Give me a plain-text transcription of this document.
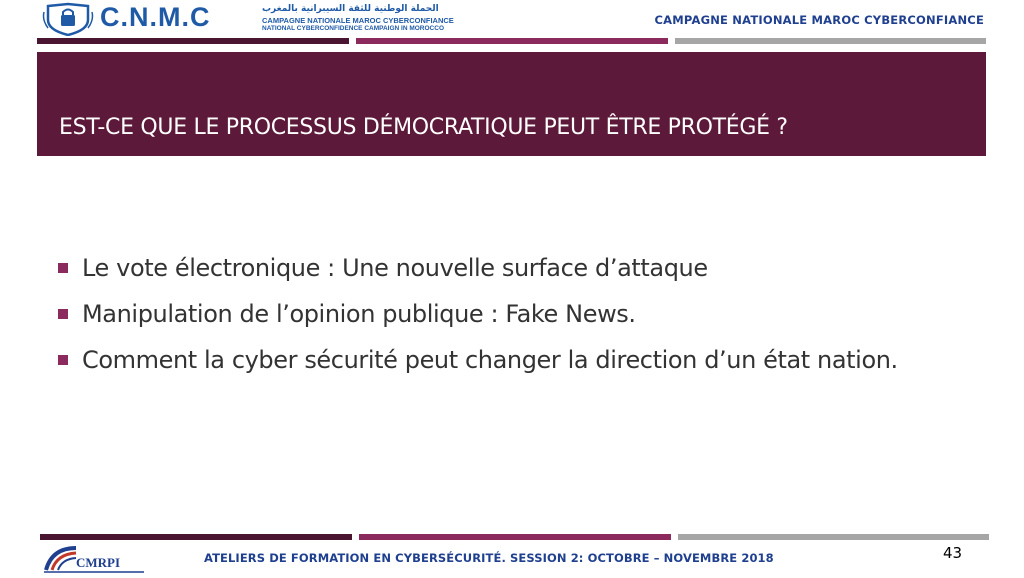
C.N.M.C	الحملة الوطنية للثقة السيبرانية بالمغرب
CAMPAGNE NATIONALE MAROC CYBERCONFIANCE
NATIONAL CYBERCONFIDENCE CAMPAIGN IN MOROCCO
CAMPAGNE NATIONALE MAROC CYBERCONFIANCE
EST-CE QUE LE PROCESSUS DÉMOCRATIQUE PEUT ÊTRE PROTÉGÉ ?
Le vote électronique : Une nouvelle surface d’attaque
Manipulation de l’opinion publique : Fake News.
Comment la cyber sécurité peut changer la direction d’un état nation.
CMRPI	ATELIERS DE FORMATION EN CYBERSÉCURITÉ. SESSION 2: OCTOBRE – NOVEMBRE 2018	43
